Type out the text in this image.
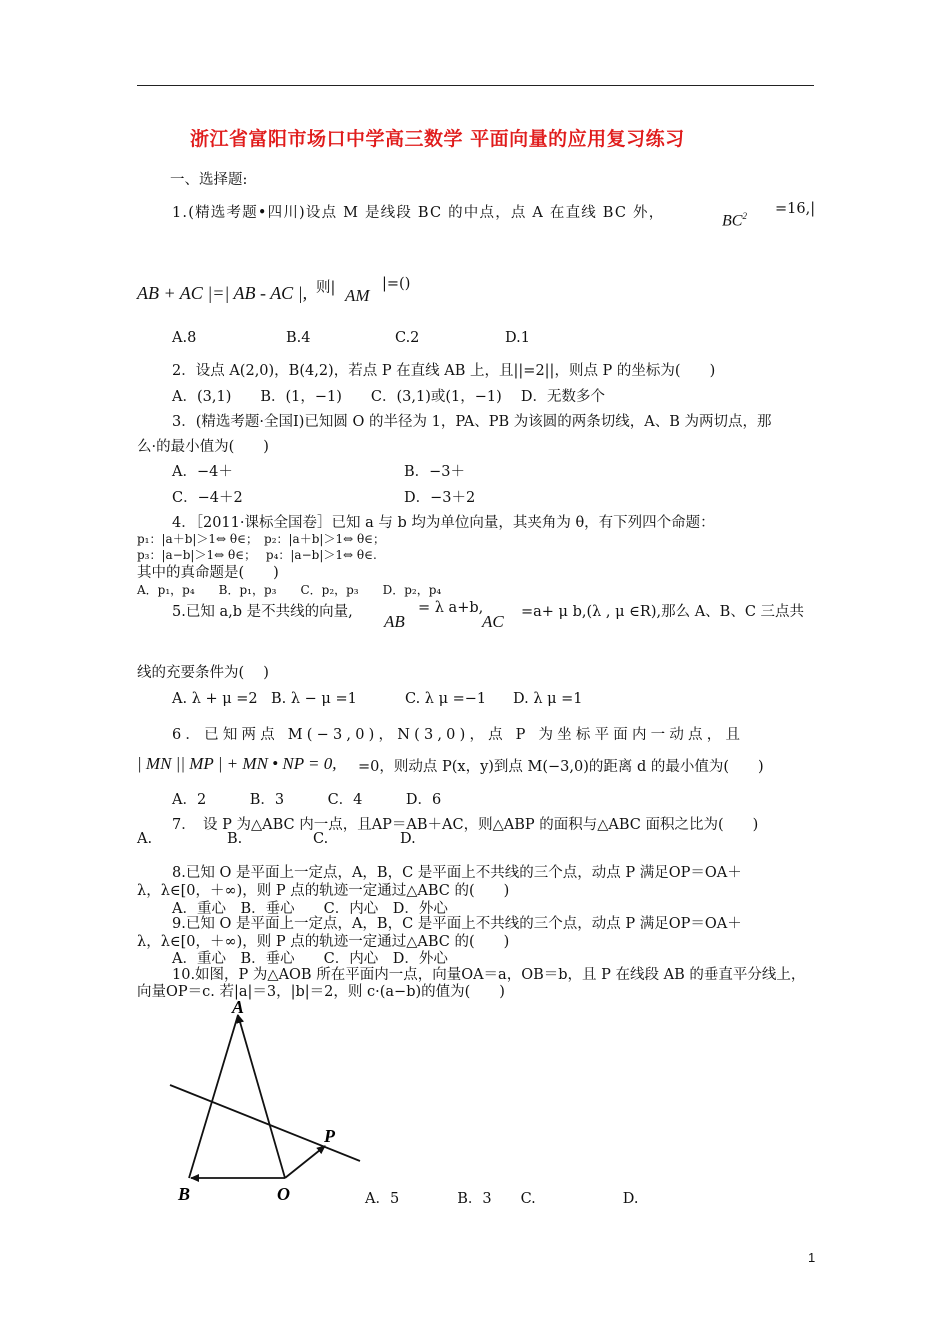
浙江省富阳市场口中学高三数学 平面向量的应用复习练习
一、选择题:
1.(精选考题•四川)设点 M 是线段 BC 的中点，点 A 在直线 BC 外，	$BC^2 =16,|$
AB + AC |=| AB - AC |, 则| AM
|=()
A.8	B.4	C.2	D.1
2．设点 A(2,0)，B(4,2)，若点 P 在直线 AB 上，且||=2||，则点 P 的坐标为(　　)
A．(3,1)　　B．(1，−1)　　C．(3,1)或(1，−1)　 D．无数多个
3．(精选考题·全国Ⅰ)已知圆 O 的半径为 1，PA、PB 为该圆的两条切线，A、B 为两切点，那
么·的最小值为(　　)
A．−4＋	B．−3＋
C．−4＋2	D．−3＋2
4．［2011·课标全国卷］已知 a 与 b 均为单位向量，其夹角为 θ，有下列四个命题：
p₁：|a＋b|＞1⇔ θ∈；　p₂：|a＋b|＞1⇔ θ∈；
p₃：|a−b|＞1⇔ θ∈；　 p₄：|a−b|＞1⇔ θ∈.
其中的真命题是(　　)
A．p₁，p₄　　B．p₁，p₃　　C．p₂，p₃　　D．p₂，p₄
5.已知 a,b 是不共线的向量, AB
= λ a+b,
AC =a+ μ b,(λ , μ ∈R),那么 A、B、C 三点共
线的充要条件为(　 )
A. λ + μ =2 B. λ − μ =1	C. λ μ =−1 D. λ μ =1
6．已知两点 M(−3,0)，N(3,0)，点 P 为坐标平面内一动点，且
| MN || MP | + MN • NP = 0, =0，则动点 P(x，y)到点 M(−3,0)的距离 d 的最小值为(　　)
A．2　　　B．3　　　C．4　　　D．6
7．　设 P 为△ABC 内一点，且AP＝AB＋AC，则△ABP 的面积与△ABC 面积之比为(　　)
A.	B.	C.	D.
8.已知 O 是平面上一定点，A，B，C 是平面上不共线的三个点，动点 P 满足OP＝OA＋
λ，λ∈[0，＋∞)，则 P 点的轨迹一定通过△ABC 的(　　)
A．重心　B．垂心　　C．内心　D．外心
9.已知 O 是平面上一定点，A，B，C 是平面上不共线的三个点，动点 P 满足OP＝OA＋
λ，λ∈[0，＋∞)，则 P 点的轨迹一定通过△ABC 的(　　)
A．重心　B．垂心　　C．内心　D．外心
10.如图，P 为△AOB 所在平面内一点，向量OA＝a，OB＝b，且 P 在线段 AB 的垂直平分线上，
向量OP＝c. 若|a|＝3，|b|＝2，则 c·(a−b)的值为(　　)
A
B	O
P
A．5　　　　B．3　　C.　　　　　　D.
1
